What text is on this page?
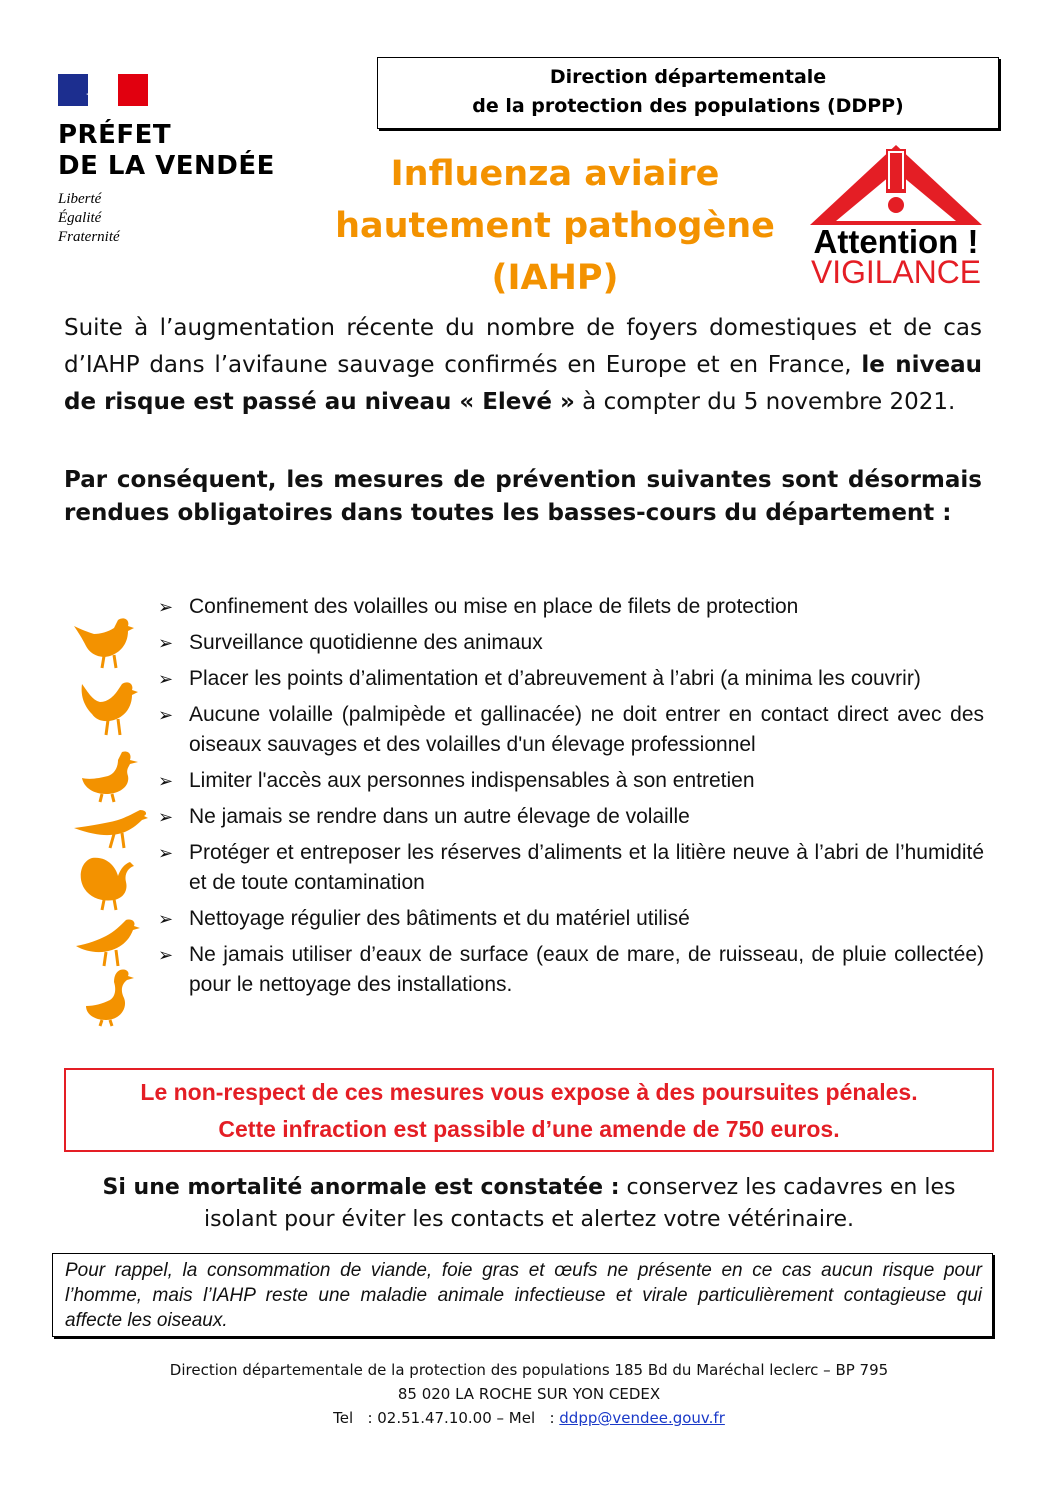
PRÉFET
DE LA VENDÉE
Liberté
Égalité
Fraternité
Direction départementale
de la protection des populations (DDPP)
Influenza aviaire
hautement pathogène
(IAHP)
Attention !
VIGILANCE
Suite à l’augmentation récente du nombre de foyers domestiques et de cas d’IAHP dans l’avifaune sauvage confirmés en Europe et en France, le niveau de risque est passé au niveau « Elevé » à compter du 5 novembre 2021.
Par conséquent, les mesures de prévention suivantes sont désormais rendues obligatoires dans toutes les basses-cours du département :
➢ Confinement des volailles ou mise en place de filets de protection
➢ Surveillance quotidienne des animaux
➢ Placer les points d’alimentation et d’abreuvement à l’abri (a minima les couvrir)
➢ Aucune volaille (palmipède et gallinacée) ne doit entrer en contact direct avec des oiseaux sauvages et des volailles d'un élevage professionnel
➢ Limiter l'accès aux personnes indispensables à son entretien
➢ Ne jamais se rendre dans un autre élevage de volaille
➢ Protéger et entreposer les réserves d’aliments et la litière neuve à l’abri de l’humidité et de toute contamination
➢ Nettoyage régulier des bâtiments et du matériel utilisé
➢ Ne jamais utiliser d’eaux de surface (eaux de mare, de ruisseau, de pluie collectée) pour le nettoyage des installations.
Le non-respect de ces mesures vous expose à des poursuites pénales.
Cette infraction est passible d’une amende de 750 euros.
Si une mortalité anormale est constatée : conservez les cadavres en les isolant pour éviter les contacts et alertez votre vétérinaire.
Pour rappel, la consommation de viande, foie gras et œufs ne présente en ce cas aucun risque pour l’homme, mais l’IAHP reste une maladie animale infectieuse et virale particulièrement contagieuse qui affecte les oiseaux.
Direction départementale de la protection des populations 185 Bd du Maréchal leclerc – BP 795
85 020 LA ROCHE SUR YON CEDEX
Tel   : 02.51.47.10.00 – Mel   : ddpp@vendee.gouv.fr
